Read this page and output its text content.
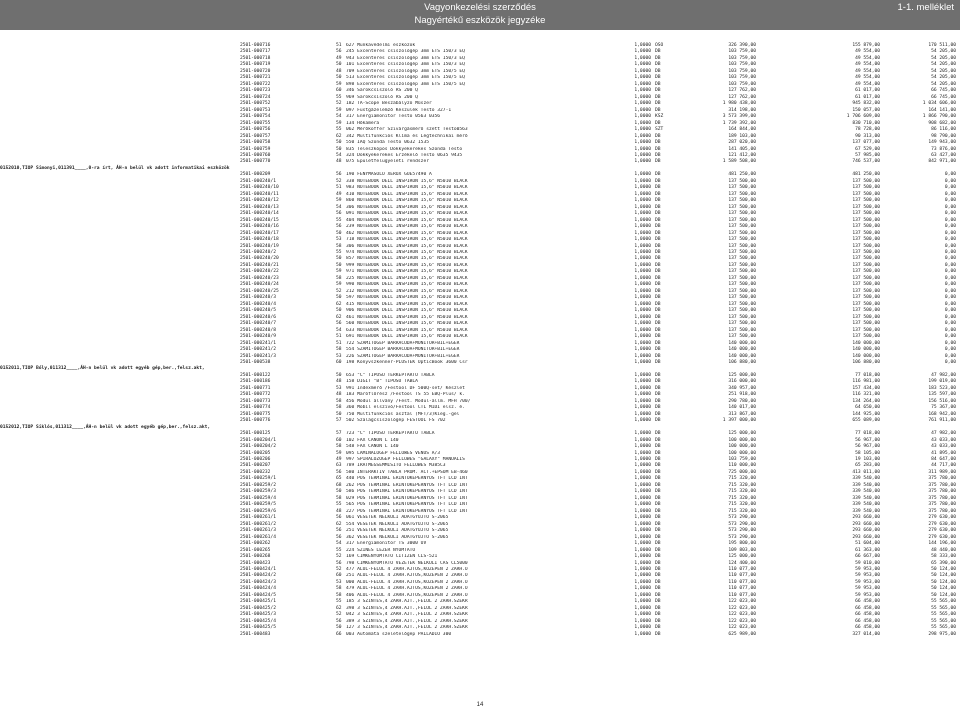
Vagyonkezelési szerződés
Nagyértékű eszközök jegyzéke
1-1. melléklet
2501-000716	51 627 Munkavédelmi eszközök	1,0000 OSO	326 390,00	155 879,00	170 511,00
2501-000717	56 245 Excenteres csiszológép 3mm ETS 150/3 EQ	1,0000 DB	103 759,00	49 554,00	54 205,00
2501-000718	49 943 Excenteres csiszológép 3mm ETS 150/3 EQ	1,0000 DB	103 759,00	49 554,00	54 205,00
2501-000719	50 101 Excenteres csiszológép 3mm ETS 150/3 EQ	1,0000 DB	103 759,00	49 554,00	54 205,00
2501-000720	48 709 Excenteres csiszológép 3mm ETS 150/5 EQ	1,0000 DB	103 759,00	49 554,00	54 205,00
2501-000721	50 513 Excenteres csiszológép 3mm ETS 150/5 EQ	1,0000 DB	103 759,00	49 554,00	54 205,00
2501-000722	59 898 Excenteres csiszológép 3mm ETS 150/5 EQ	1,0000 DB	103 759,00	49 554,00	54 205,00
2501-000723	60 346 Sarokcsiszoló RS 200 Q	1,0000 DB	127 762,00	61 017,00	66 745,00
2501-000724	55 969 Sarokcsiszoló RS 200 Q	1,0000 DB	127 762,00	61 017,00	66 745,00
2501-000752	52 182 TA-Scope Beszabályzó Műszer	1,0000 DB	1 980 438,00	945 832,00	1 034 606,00
2501-000753	59 097 Füstgázelemző Készülék Testo 327-1	1,0000 DB	314 198,00	150 057,00	164 141,00
2501-000754	54 317 Energiamonitor Testo 0563 0356	1,0000 KSZ	3 573 399,00	1 706 609,00	1 866 790,00
2501-000755	59 134 Hőkamera	1,0000 DB	1 739 392,00	830 710,00	908 682,00
2501-000756	55 062 Mérőkoffer Szivárgásmérő szett Testo0563	1,0000 SZT	164 844,00	78 728,00	86 116,00
2501-000757	62 342 Multifunkciós Klíma és Légtechnikai mérő	1,0000 DB	189 103,00	90 313,00	98 790,00
2501-000758	50 550 IAQ Szonda Testo 0632 1535	1,0000 DB	287 020,00	137 077,00	149 943,00
2501-000759	50 835 Teleszkópos Dokkyekerekes Szonda Testo	1,0000 DB	141 405,00	67 529,00	73 876,00
2501-000760	54 324 Dokkyekerekes Érzékelő Testo 0635 9435	1,0000 DB	121 412,00	57 985,00	63 427,00
2501-000770	48 075 Épületfelügyeleti rendszer	1,0000 DB	1 589 508,00	746 537,00	842 971,00
0152010,TIOP Simonyi,011391____,0-ra írt, ÁH-n belül vk adott informatikai eszközök
2501-000209	56 190 FÉNYMÁSOLÓ XEROX GUE57490 A	1,0000 DB	481 250,00	481 250,00	0,00
2501-000240/1	52 338 NOTEBOOK DELL INSPIRON 15,6" N5010 BLACK	1,0000 DB	137 500,00	137 500,00	0,00
2501-000240/10	51 983 NOTEBOOK DELL INSPIRON 15,6" N5010 BLACK	1,0000 DB	137 500,00	137 500,00	0,00
2501-000240/11	49 410 NOTEBOOK DELL INSPIRON 15,6" N5010 BLACK	1,0000 DB	137 500,00	137 500,00	0,00
2501-000240/12	59 860 NOTEBOOK DELL INSPIRON 15,6" N5010 BLACK	1,0000 DB	137 500,00	137 500,00	0,00
2501-000240/13	54 306 NOTEBOOK DELL INSPIRON 15,6" N5010 BLACK	1,0000 DB	137 500,00	137 500,00	0,00
2501-000240/14	56 091 NOTEBOOK DELL INSPIRON 15,6" N5010 BLACK	1,0000 DB	137 500,00	137 500,00	0,00
2501-000240/15	55 404 NOTEBOOK DELL INSPIRON 15,6" N5010 BLACK	1,0000 DB	137 500,00	137 500,00	0,00
2501-000240/16	56 239 NOTEBOOK DELL INSPIRON 15,6" N5010 BLACK	1,0000 DB	137 500,00	137 500,00	0,00
2501-000240/17	50 462 NOTEBOOK DELL INSPIRON 15,6" N5010 BLACK	1,0000 DB	137 500,00	137 500,00	0,00
2501-000240/18	53 718 NOTEBOOK DELL INSPIRON 15,6" N5010 BLACK	1,0000 DB	137 500,00	137 500,00	0,00
2501-000240/19	58 306 NOTEBOOK DELL INSPIRON 15,6" N5010 BLACK	1,0000 DB	137 500,00	137 500,00	0,00
2501-000240/2	55 974 NOTEBOOK DELL INSPIRON 15,6" N5010 BLACK	1,0000 DB	137 500,00	137 500,00	0,00
2501-000240/20	50 857 NOTEBOOK DELL INSPIRON 15,6" N5010 BLACK	1,0000 DB	137 500,00	137 500,00	0,00
2501-000240/21	50 999 NOTEBOOK DELL INSPIRON 15,6" N5010 BLACK	1,0000 DB	137 500,00	137 500,00	0,00
2501-000240/22	59 971 NOTEBOOK DELL INSPIRON 15,6" N5010 BLACK	1,0000 DB	137 500,00	137 500,00	0,00
2501-000240/23	58 225 NOTEBOOK DELL INSPIRON 15,6" N5010 BLACK	1,0000 DB	137 500,00	137 500,00	0,00
2501-000240/24	59 990 NOTEBOOK DELL INSPIRON 15,6" N5010 BLACK	1,0000 DB	137 500,00	137 500,00	0,00
2501-000240/25	52 212 NOTEBOOK DELL INSPIRON 15,6" N5010 BLACK	1,0000 DB	137 500,00	137 500,00	0,00
2501-000240/3	50 597 NOTEBOOK DELL INSPIRON 15,6" N5010 BLACK	1,0000 DB	137 500,00	137 500,00	0,00
2501-000240/4	62 415 NOTEBOOK DELL INSPIRON 15,6" N5010 BLACK	1,0000 DB	137 500,00	137 500,00	0,00
2501-000240/5	50 906 NOTEBOOK DELL INSPIRON 15,6" N5010 BLACK	1,0000 DB	137 500,00	137 500,00	0,00
2501-000240/6	62 461 NOTEBOOK DELL INSPIRON 15,6" N5010 BLACK	1,0000 DB	137 500,00	137 500,00	0,00
2501-000240/7	56 560 NOTEBOOK DELL INSPIRON 15,6" N5010 BLACK	1,0000 DB	137 500,00	137 500,00	0,00
2501-000240/8	54 633 NOTEBOOK DELL INSPIRON 15,6" N5010 BLACK	1,0000 DB	137 500,00	137 500,00	0,00
2501-000240/9	51 691 NOTEBOOK DELL INSPIRON 15,6" N5010 BLACK	1,0000 DB	137 500,00	137 500,00	0,00
2501-000241/1	51 722 SZÁMÍTÓGÉP BARRACUDA+MONITOR+BIL+EGÉR	1,0000 DB	140 000,00	140 000,00	0,00
2501-000241/2	58 554 SZÁMÍTÓGÉP BARRACUDA+MONITOR+BIL+EGÉR	1,0000 DB	140 000,00	140 000,00	0,00
2501-000241/3	53 226 SZÁMÍTÓGÉP BARRACUDA+MONITOR+BIL+EGÉR	1,0000 DB	140 000,00	140 000,00	0,00
2501-000538	60 198 Könyvszkenner-PLUSTEK OpticBook 3600 Csr	1,0000 DB	106 880,00	106 880,00	0,00
0152011,TIOP Bóly,011312____,ÁH-n belül vk adott egyéb gép,ber.,felsz.akt,
2501-000122	50 653 "C" TÍPUSÚ TÉRKÉPTARTÓ TÁBLA	1,0000 DB	125 000,00	77 018,00	47 982,00
2501-000186	48 158 DIGIT "B" TÍPUSÚ TÁBLA	1,0000 DB	316 000,00	116 981,00	199 019,00
2501-000771	53 991 Indexmérő /Festool DF 500Q-set/ Készlet	1,0000 DB	340 957,00	157 434,00	183 523,00
2501-000772	48 183 Maróflőrész /Festool TS 55 EBQ-Plus/ k.	1,0000 DB	251 918,00	116 321,00	135 597,00
2501-000773	58 456 Modul állvány /Fest. Modul-állm. MFH 700/	1,0000 DB	290 780,00	134 264,00	156 516,00
2501-000774	58 360 Mobil elszívó/Festool CTL MIDI elsz. é.	1,0000 DB	140 017,00	64 650,00	75 367,00
2501-000775	50 750 Multifunkciós asztal (MFT/3)Kieg.-gel	1,0000 DB	313 867,00	144 925,00	168 942,00
2501-000776	57 502 Szalagcsiszológép FESTOOL FS 702	1,0000 DB	1 397 000,00	655 089,00	761 911,00
0152012,TIOP Siklós,011312____,ÁH-n belül vk adott egyéb gép,ber.,felsz.akt,
2501-000125	57 723 "C" TÍPUSÚ TÉRKÉPTARTÓ TÁBLA	1,0000 DB	125 000,00	77 018,00	47 982,00
2501-000204/1	60 102 FAX CANON L 140	1,0000 DB	100 000,00	56 967,00	43 033,00
2501-000204/2	58 548 FAX CANON L 140	1,0000 DB	100 000,00	56 967,00	43 033,00
2501-000205	59 095 LAMINÁLÓGÉP FELLOWES VENUS A/3	1,0000 DB	100 000,00	58 105,00	41 895,00
2501-000206	49 997 SPIRÁLOZÓGÉP FELLOWES "GALAXY" MANUÁLIS	1,0000 DB	103 759,00	19 103,00	84 647,00
2501-000207	63 789 IRATMEGSEMMISÍTŐ FELLOWES M385C3	1,0000 DB	110 000,00	65 283,00	44 717,00
2501-000232	56 580 INTERAKTÍV TÁBLA PROM. ACT.+EPSOM EB-460	1,0000 DB	725 000,00	413 011,00	311 989,00
2501-000259/1	65 440 POS TERMINÁL ÉRINTŐKÉPERNYŐS TFT LCD INT	1,0000 DB	715 320,00	339 540,00	375 780,00
2501-000259/2	68 262 POS TERMINÁL ÉRINTŐKÉPERNYŐS TFT LCD INT	1,0000 DB	715 320,00	339 540,00	375 780,00
2501-000259/3	50 586 POS TERMINÁL ÉRINTŐKÉPERNYŐS TFT LCD INT	1,0000 DB	715 320,00	339 540,00	375 780,00
2501-000259/4	58 029 POS TERMINÁL ÉRINTŐKÉPERNYŐS TFT LCD INT	1,0000 DB	715 320,00	339 540,00	375 780,00
2501-000259/5	55 565 POS TERMINÁL ÉRINTŐKÉPERNYŐS TFT LCD INT	1,0000 DB	715 320,00	339 540,00	375 780,00
2501-000259/6	48 227 POS TERMINÁL ÉRINTŐKÉPERNYŐS TFT LCD INT	1,0000 DB	715 320,00	339 540,00	375 780,00
2501-000261/1	56 061 VESETÉK NÉLKÜLI ADATGYŰJTŐ S-2065	1,0000 DB	573 290,00	293 660,00	279 630,00
2501-000261/2	62 554 VESETÉK NÉLKÜLI ADATGYŰJTŐ S-2065	1,0000 DB	573 290,00	293 660,00	279 630,00
2501-000261/3	56 251 VESETÉK NÉLKÜLI ADATGYŰJTŐ S-2065	1,0000 DB	573 290,00	293 660,00	279 630,00
2501-000261/4	56 362 VESETÉK NÉLKÜLI ADATGYŰJTŐ S-2065	1,0000 DB	573 290,00	293 660,00	279 630,00
2501-000262	54 317 Energiamonitor TS 3000 UV	1,0000 DB	195 800,00	51 604,00	144 196,00
2501-000265	55 224 SZÍNES LÉZER NYOMTATÓ	1,0000 DB	109 803,00	61 363,00	48 440,00
2501-000268	52 169 CÍMKENYOMTATÓ CITIZEN CLS-521	1,0000 DB	125 000,00	66 667,00	58 333,00
2501-000423	56 798 CÍMKENYOMTATÓ VEZETÉK NÉLKÜLI CAS CL5000	1,0000 DB	124 400,00	59 010,00	65 390,00
2501-000424/1	52 477 ALUL-FELÜL 4 ZÁRH.AJTÓS,KÖZÉPEN 2 ZÁRH.O	1,0000 DB	110 077,00	59 953,00	50 124,00
2501-000424/2	60 251 ALUL-FELÜL 4 ZÁRH.AJTÓS,KÖZÉPEN 2 ZÁRH.O	1,0000 DB	110 077,00	59 953,00	50 124,00
2501-000424/3	53 000 ALUL-FELÜL 4 ZÁRH.AJTÓS,KÖZÉPEN 2 ZÁRH.O	1,0000 DB	110 077,00	59 953,00	50 124,00
2501-000424/4	58 479 ALUL-FELÜL 4 ZÁRH.AJTÓS,KÖZÉPEN 2 ZÁRH.O	1,0000 DB	110 077,00	59 953,00	50 124,00
2501-000424/5	58 406 ALUL-FELÜL 4 ZÁRH.AJTÓS,KÖZÉPEN 2 ZÁRH.O	1,0000 DB	110 077,00	59 953,00	50 124,00
2501-000425/1	55 185 3 SZINTES,4 ZÁRH.AJT.,FELÜL 2 ZÁRH.SZEKR	1,0000 DB	122 023,00	66 458,00	55 565,00
2501-000425/2	62 398 3 SZINTES,4 ZÁRH.AJT.,FELÜL 2 ZÁRH.SZEKR	1,0000 DB	122 023,00	66 458,00	55 565,00
2501-000425/3	52 042 3 SZINTES,4 ZÁRH.AJT.,FELÜL 2 ZÁRH.SZEKR	1,0000 DB	122 023,00	66 458,00	55 565,00
2501-000425/4	56 389 3 SZINTES,4 ZÁRH.AJT.,FELÜL 2 ZÁRH.SZEKR	1,0000 DB	122 023,00	66 458,00	55 565,00
2501-000425/5	50 127 3 SZINTES,4 ZÁRH.AJT.,FELÜL 2 ZÁRH.SZEKR	1,0000 DB	122 023,00	66 458,00	55 565,00
2501-000483	66 003 Automata szeletelőgép PALLADIO 300	1,0000 DB	625 989,00	327 014,00	298 975,00
14
